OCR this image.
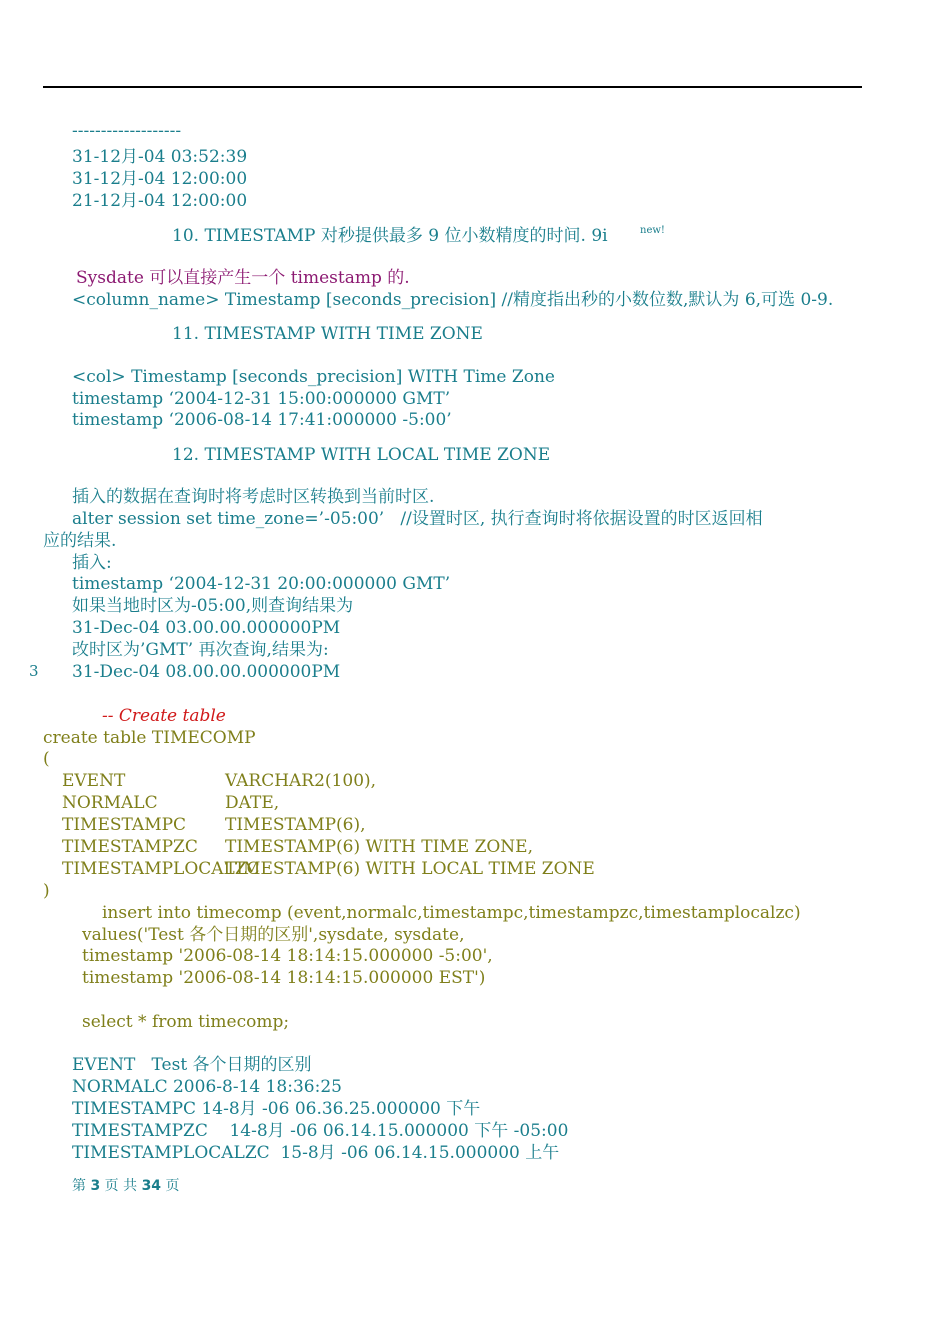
-------------------
31-12月-04 03:52:39
31-12月-04 12:00:00
21-12月-04 12:00:00
10. TIMESTAMP 对秒提供最多 9 位小数精度的时间. 9i	new!
Sysdate 可以直接产生一个 timestamp 的.
<column_name> Timestamp [seconds_precision] //精度指出秒的小数位数,默认为 6,可选 0-9.
11. TIMESTAMP WITH TIME ZONE
<col> Timestamp [seconds_precision] WITH Time Zone
timestamp ‘2004-12-31 15:00:000000 GMT’
timestamp ‘2006-08-14 17:41:000000 -5:00’
12. TIMESTAMP WITH LOCAL TIME ZONE
插入的数据在查询时将考虑时区转换到当前时区.
alter session set time_zone=’-05:00’   //设置时区, 执行查询时将依据设置的时区返回相
应的结果.
插入:
timestamp ‘2004-12-31 20:00:000000 GMT’
如果当地时区为-05:00,则查询结果为
31-Dec-04 03.00.00.000000PM
改时区为’GMT’ 再次查询,结果为:
3 31-Dec-04 08.00.00.000000PM
-- Create table
create table TIMECOMP
(
EVENT	VARCHAR2(100),
NORMALC	DATE,
TIMESTAMPC TIMESTAMP(6),
TIMESTAMPZC TIMESTAMP(6) WITH TIME ZONE,
TIMESTAMPLOCALZC
TIMESTAMP(6) WITH LOCAL TIME ZONE
)
insert into timecomp (event,normalc,timestampc,timestampzc,timestamplocalzc)
values('Test 各个日期的区别',sysdate, sysdate,
timestamp '2006-08-14 18:14:15.000000 -5:00',
timestamp '2006-08-14 18:14:15.000000 EST')
select * from timecomp;
EVENT   Test 各个日期的区别
NORMALC 2006-8-14 18:36:25
TIMESTAMPC 14-8月 -06 06.36.25.000000 下午
TIMESTAMPZC    14-8月 -06 06.14.15.000000 下午 -05:00
TIMESTAMPLOCALZC  15-8月 -06 06.14.15.000000 上午
第 3 页 共 34 页
